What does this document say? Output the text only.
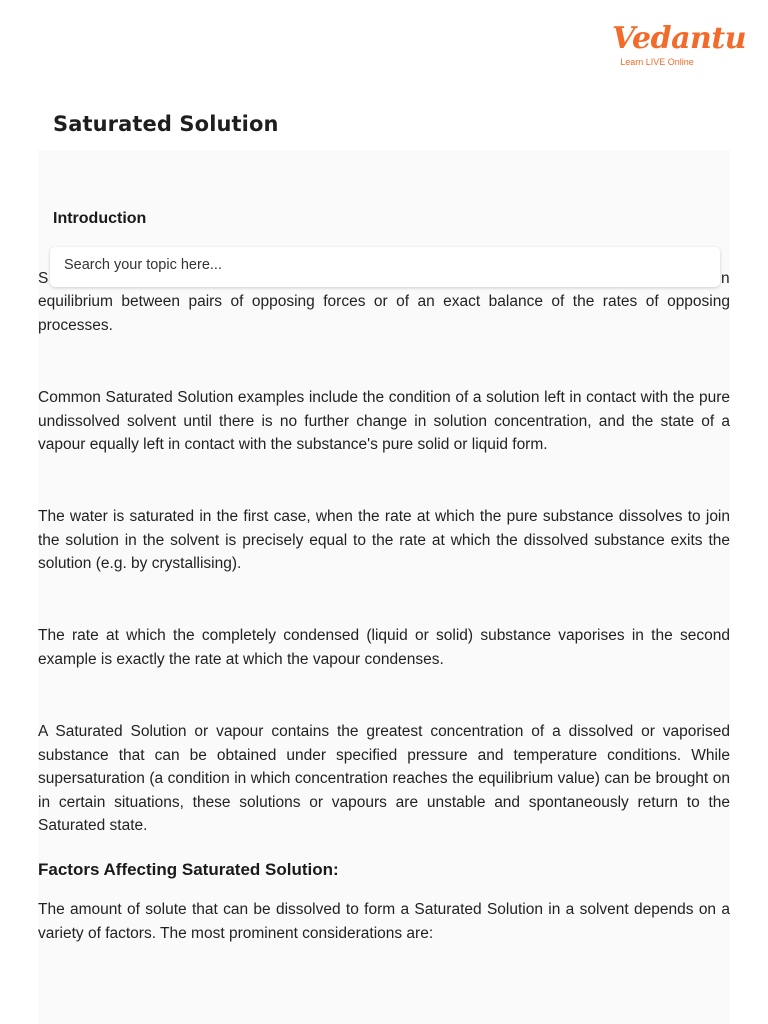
Vedantu
Learn LIVE Online
Saturated Solution
Introduction
S	n
Search your topic here...

equilibrium between pairs of opposing forces or of an exact balance of the rates of opposing processes.

Common Saturated Solution examples include the condition of a solution left in contact with the pure undissolved solvent until there is no further change in solution concentration, and the state of a vapour equally left in contact with the substance's pure solid or liquid form.

The water is saturated in the first case, when the rate at which the pure substance dissolves to join the solution in the solvent is precisely equal to the rate at which the dissolved substance exits the solution (e.g. by crystallising).

The rate at which the completely condensed (liquid or solid) substance vaporises in the second example is exactly the rate at which the vapour condenses.

A Saturated Solution or vapour contains the greatest concentration of a dissolved or vaporised substance that can be obtained under specified pressure and temperature conditions. While supersaturation (a condition in which concentration reaches the equilibrium value) can be brought on in certain situations, these solutions or vapours are unstable and spontaneously return to the Saturated state.

Factors Affecting Saturated Solution:

The amount of solute that can be dissolved to form a Saturated Solution in a solvent depends on a variety of factors. The most prominent considerations are:
